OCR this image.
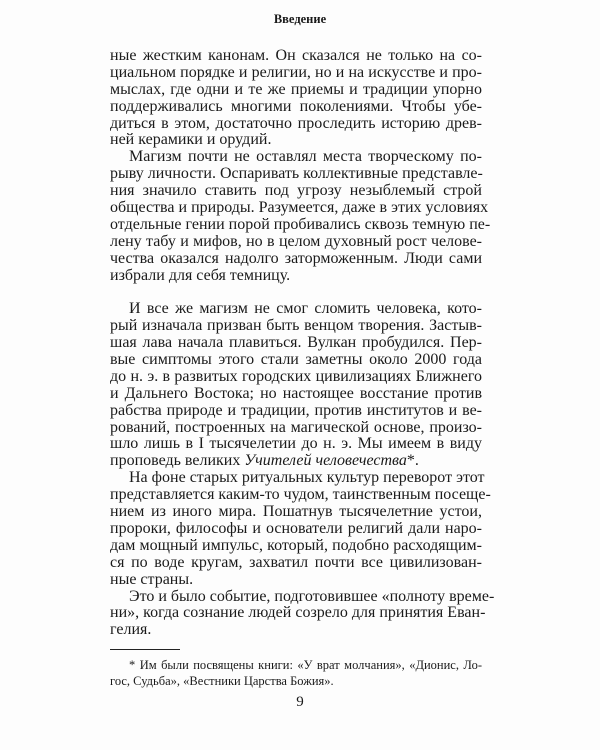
Введение
ные жестким канонам. Он сказался не только на со-
циальном порядке и религии, но и на искусстве и про-
мыслах, где одни и те же приемы и традиции упорно
поддерживались многими поколениями. Чтобы убе-
диться в этом, достаточно проследить историю древ-
ней керамики и орудий.
Магизм почти не оставлял места творческому по-
рыву личности. Оспаривать коллективные представле-
ния значило ставить под угрозу незыблемый строй
общества и природы. Разумеется, даже в этих условиях
отдельные гении порой пробивались сквозь темную пе-
лену табу и мифов, но в целом духовный рост челове-
чества оказался надолго заторможенным. Люди сами
избрали для себя темницу.
И все же магизм не смог сломить человека, кото-
рый изначала призван быть венцом творения. Застыв-
шая лава начала плавиться. Вулкан пробудился. Пер-
вые симптомы этого стали заметны около 2000 года
до н. э. в развитых городских цивилизациях Ближнего
и Дальнего Востока; но настоящее восстание против
рабства природе и традиции, против институтов и ве-
рований, построенных на магической основе, произо-
шло лишь в I тысячелетии до н. э. Мы имеем в виду
проповедь великих Учителей человечества*.
На фоне старых ритуальных культур переворот этот
представляется каким-то чудом, таинственным посеще-
нием из иного мира. Пошатнув тысячелетние устои,
пророки, философы и основатели религий дали наро-
дам мощный импульс, который, подобно расходящим-
ся по воде кругам, захватил почти все цивилизован-
ные страны.
Это и было событие, подготовившее «полноту време-
ни», когда сознание людей созрело для принятия Еван-
гелия.
* Им были посвящены книги: «У врат молчания», «Дионис, Ло-
гос, Судьба», «Вестники Царства Божия».
9
